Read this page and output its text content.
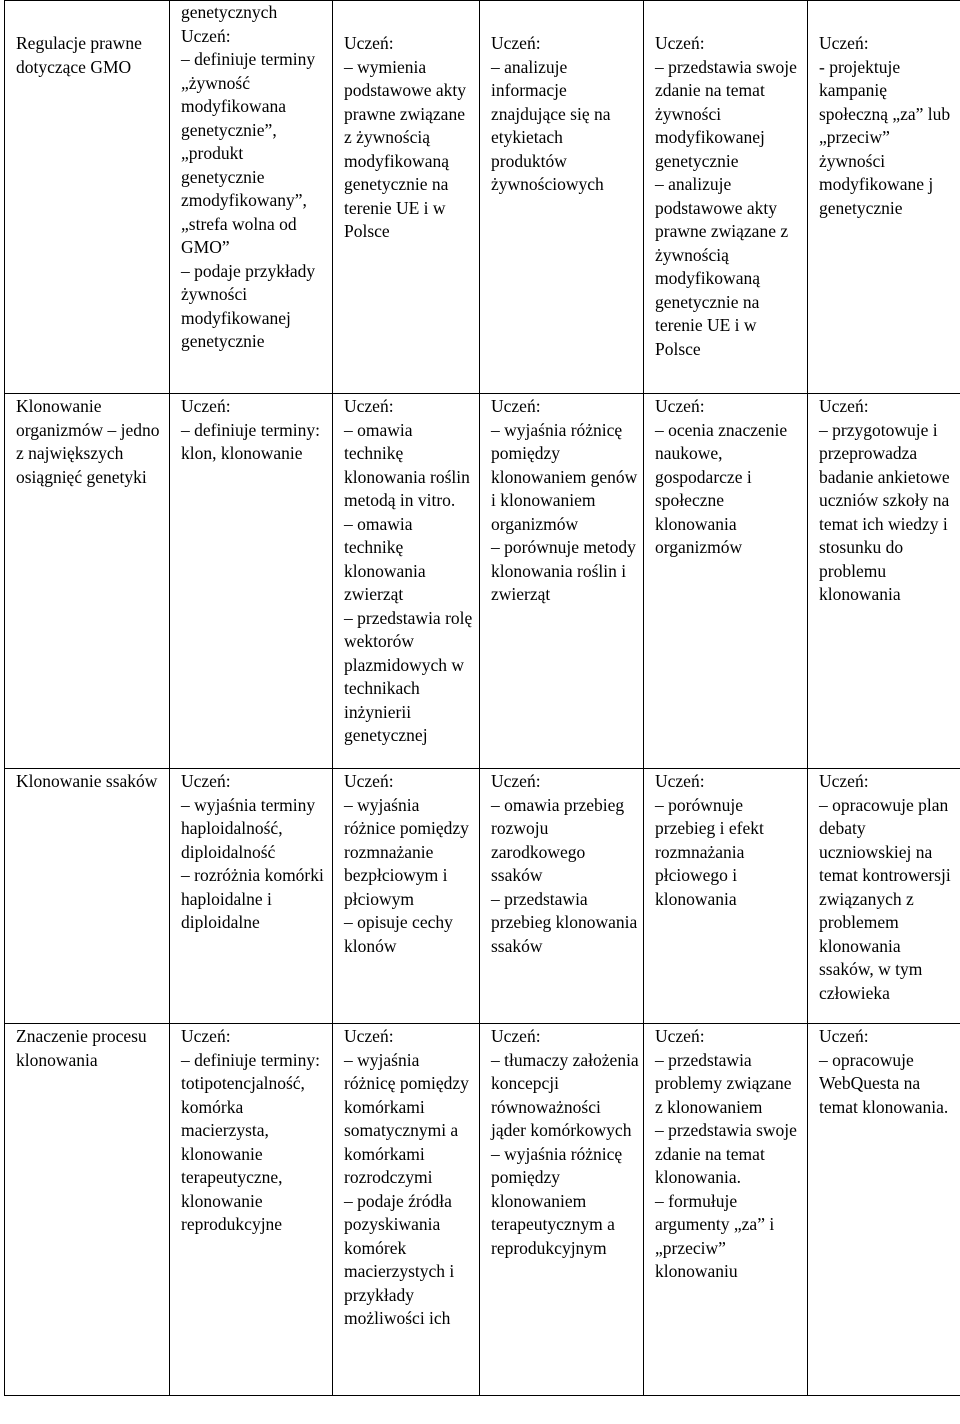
Regulacje prawne dotyczące GMO	genetycznych
Uczeń:
– definiuje terminy „żywność modyfikowana genetycznie”, „produkt genetycznie zmodyfikowany”, „strefa wolna od GMO”
– podaje przykłady żywności modyfikowanej genetycznie	Uczeń:
– wymienia podstawowe akty prawne związane z żywnością modyfikowaną genetycznie na terenie UE i w Polsce	Uczeń:
– analizuje informacje znajdujące się na etykietach produktów żywnościowych	Uczeń:
– przedstawia swoje zdanie na temat żywności modyfikowanej genetycznie
– analizuje podstawowe akty prawne związane z żywnością modyfikowaną genetycznie na terenie UE i w Polsce	Uczeń:
- projektuje kampanię społeczną „za” lub „przeciw” żywności modyfikowane j genetycznie

Klonowanie organizmów – jedno z największych osiągnięć genetyki	Uczeń:
– definiuje terminy: klon, klonowanie	Uczeń:
– omawia technikę klonowania roślin metodą in vitro.
– omawia technikę klonowania zwierząt
– przedstawia rolę wektorów plazmidowych w technikach inżynierii genetycznej	Uczeń:
– wyjaśnia różnicę pomiędzy klonowaniem genów i klonowaniem organizmów
– porównuje metody klonowania roślin i zwierząt	Uczeń:
– ocenia znaczenie naukowe, gospodarcze i społeczne klonowania organizmów	Uczeń:
– przygotowuje i przeprowadza badanie ankietowe uczniów szkoły na temat ich wiedzy i stosunku do problemu klonowania

Klonowanie ssaków	Uczeń:
– wyjaśnia terminy haploidalność, diploidalność
– rozróżnia komórki haploidalne i diploidalne	Uczeń:
– wyjaśnia różnice pomiędzy rozmnażanie bezpłciowym i płciowym
– opisuje cechy klonów	Uczeń:
– omawia przebieg rozwoju zarodkowego ssaków
– przedstawia przebieg klonowania ssaków	Uczeń:
– porównuje przebieg i efekt rozmnażania płciowego i klonowania	Uczeń:
– opracowuje plan debaty uczniowskiej na temat kontrowersji związanych z problemem klonowania ssaków, w tym człowieka

Znaczenie procesu klonowania	Uczeń:
– definiuje terminy: totipotencjalność, komórka macierzysta, klonowanie terapeutyczne, klonowanie reprodukcyjne	Uczeń:
– wyjaśnia różnicę pomiędzy komórkami somatycznymi a komórkami rozrodczymi
– podaje źródła pozyskiwania komórek macierzystych i przykłady możliwości ich	Uczeń:
– tłumaczy założenia koncepcji równoważności jąder komórkowych
– wyjaśnia różnicę pomiędzy klonowaniem terapeutycznym a reprodukcyjnym	Uczeń:
– przedstawia problemy związane z klonowaniem
– przedstawia swoje zdanie na temat klonowania.
– formułuje argumenty „za” i „przeciw” klonowaniu	Uczeń:
– opracowuje WebQuesta na temat klonowania.
